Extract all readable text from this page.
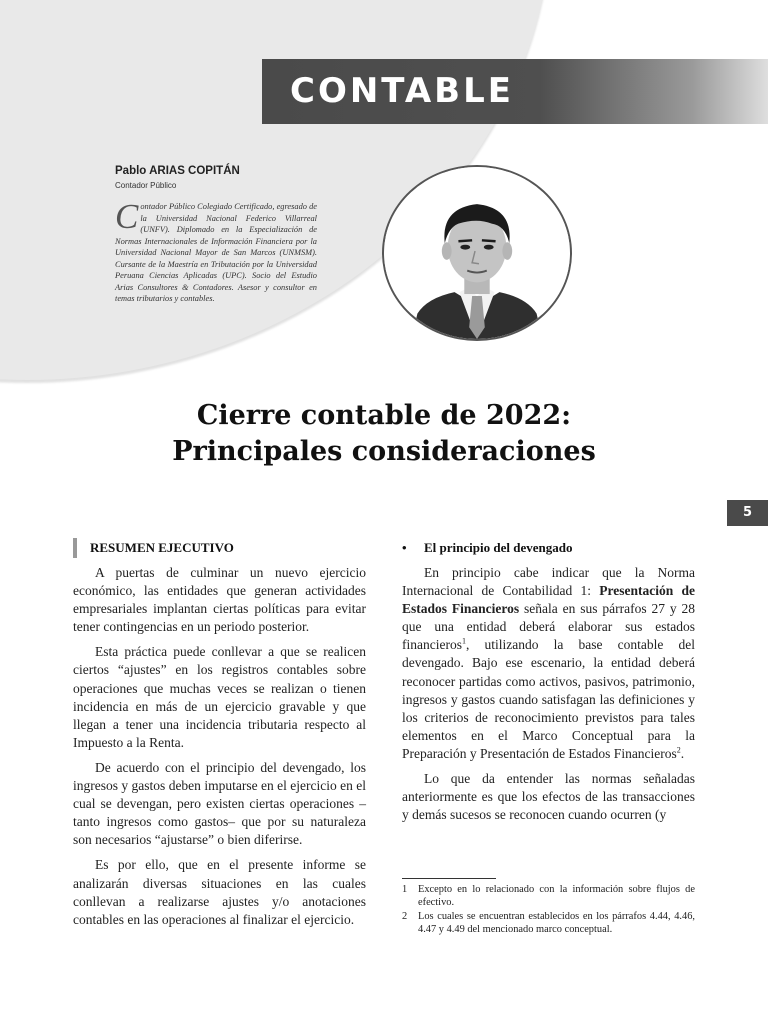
CONTABLE
Pablo ARIAS COPITÁN
Contador Público
Contador Público Colegiado Certificado, egresado de la Universidad Nacional Federico Villarreal (UNFV). Diplomado en la Especialización de Normas Internacionales de Información Financiera por la Universidad Nacional Mayor de San Marcos (UNMSM). Cursante de la Maestría en Tributación por la Universidad Peruana Ciencias Aplicadas (UPC). Socio del Estudio Arias Consultores & Contadores. Asesor y consultor en temas tributarios y contables.
Cierre contable de 2022:
Principales consideraciones
5
RESUMEN EJECUTIVO

A puertas de culminar un nuevo ejercicio económico, las entidades que generan actividades empresariales implantan ciertas políticas para evitar tener contingencias en un periodo posterior.

Esta práctica puede conllevar a que se realicen ciertos “ajustes” en los registros contables sobre operaciones que muchas veces se realizan o tienen incidencia en más de un ejercicio gravable y que llegan a tener una incidencia tributaria respecto al Impuesto a la Renta.

De acuerdo con el principio del devengado, los ingresos y gastos deben imputarse en el ejercicio en el cual se devengan, pero existen ciertas operaciones –tanto ingresos como gastos– que por su naturaleza son necesarios “ajustarse” o bien diferirse.

Es por ello, que en el presente informe se analizarán diversas situaciones en las cuales conllevan a realizarse ajustes y/o anotaciones contables en las operaciones al finalizar el ejercicio.

• El principio del devengado

En principio cabe indicar que la Norma Internacional de Contabilidad 1: Presentación de Estados Financieros señala en sus párrafos 27 y 28 que una entidad deberá elaborar sus estados financieros$^1$, utilizando la base contable del devengado. Bajo ese escenario, la entidad deberá reconocer partidas como activos, pasivos, patrimonio, ingresos y gastos cuando satisfagan las definiciones y los criterios de reconocimiento previstos para tales elementos en el Marco Conceptual para la Preparación y Presentación de Estados Financieros$^2$.

Lo que da entender las normas señaladas anteriormente es que los efectos de las transacciones y demás sucesos se reconocen cuando ocurren (y

1	Excepto en lo relacionado con la información sobre flujos de efectivo.
2	Los cuales se encuentran establecidos en los párrafos 4.44, 4.46, 4.47 y 4.49 del mencionado marco conceptual.
